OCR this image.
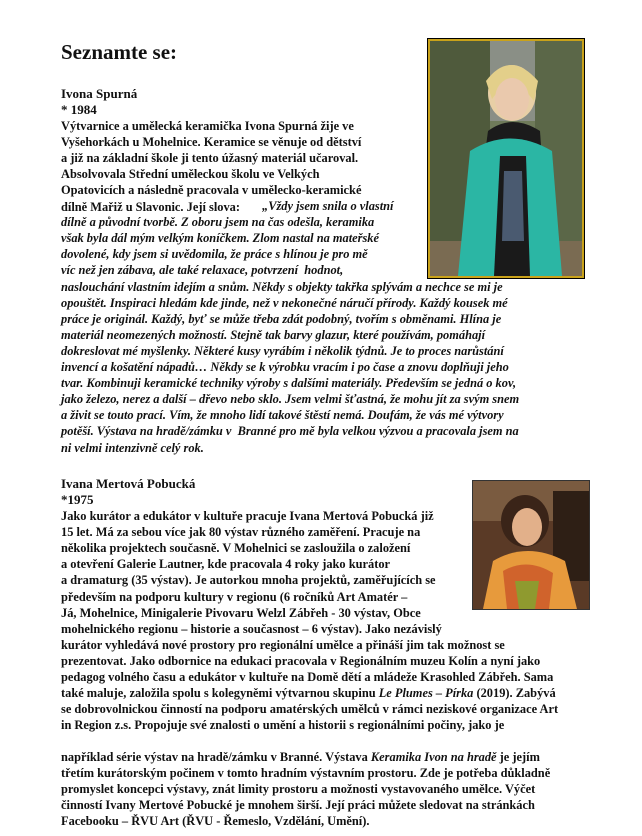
Seznamte se:
Ivona Spurná
* 1984
Výtvarnice a umělecká keramička Ivona Spurná žije ve
Vyšehorkách u Mohelnice. Keramice se věnuje od dětství
a již na základní škole ji tento úžasný materiál učaroval.
Absolvovala Střední uměleckou školu ve Velkých
Opatovicích a následně pracovala v umělecko-keramické
dílně Mařiž u Slavonic. Její slova: „Vždy jsem snila o vlastní
dílně a původní tvorbě. Z oboru jsem na čas odešla, keramika
však byla dál mým velkým koníčkem. Zlom nastal na mateřské
dovolené, kdy jsem si uvědomila, že práce s hlínou je pro mě
víc než jen zábava, ale také relaxace, potvrzení  hodnot,
naslouchání vlastním idejím a snům. Někdy s objekty takřka splývám a nechce se mi je
opouštět. Inspiraci hledám kde jinde, než v nekonečné náručí přírody. Každý kousek mé
práce je originál. Každý, byť se může třeba zdát podobný, tvořím s obměnami. Hlína je
materiál neomezených možností. Stejně tak barvy glazur, které používám, pomáhají
dokreslovat mé myšlenky. Některé kusy vyrábím i několik týdnů. Je to proces narůstání
invencí a košatění nápadů… Někdy se k výrobku vracím i po čase a znovu doplňuji jeho
tvar. Kombinuji keramické techniky výroby s dalšími materiály. Především se jedná o kov,
jako železo, nerez a další – dřevo nebo sklo. Jsem velmi šťastná, že mohu jít za svým snem
a živit se touto prací. Vím, že mnoho lidí takové štěstí nemá. Doufám, že vás mé výtvory
potěší. Výstava na hradě/zámku v  Branné pro mě byla velkou výzvou a pracovala jsem na
ni velmi intenzivně celý rok.
Ivana Mertová Pobucká
*1975
Jako kurátor a edukátor v kultuře pracuje Ivana Mertová Pobucká již
15 let. Má za sebou více jak 80 výstav různého zaměření. Pracuje na
několika projektech současně. V Mohelnici se zasloužila o založení
a otevření Galerie Lautner, kde pracovala 4 roky jako kurátor
a dramaturg (35 výstav). Je autorkou mnoha projektů, zaměřujících se
především na podporu kultury v regionu (6 ročníků Art Amatér –
Já, Mohelnice, Minigalerie Pivovaru Welzl Zábřeh - 30 výstav, Obce
mohelnického regionu – historie a současnost – 6 výstav). Jako nezávislý
kurátor vyhledává nové prostory pro regionální umělce a přináší jim tak možnost se
prezentovat. Jako odbornice na edukaci pracovala v Regionálním muzeu Kolín a nyní jako
pedagog volného času a edukátor v kultuře na Domě dětí a mládeže Krasohled Zábřeh. Sama
také maluje, založila spolu s kolegyněmi výtvarnou skupinu Le Plumes – Pírka (2019). Zabývá
se dobrovolnickou činností na podporu amatérských umělců v rámci neziskové organizace Art
in Region z.s. Propojuje své znalosti o umění a historii s regionálními počiny, jako je
například série výstav na hradě/zámku v Branné. Výstava Keramika Ivon na hradě je jejím
třetím kurátorským počinem v tomto hradním výstavním prostoru. Zde je potřeba důkladně
promyslet koncepci výstavy, znát limity prostoru a možnosti vystavovaného umělce. Výčet
činností Ivany Mertové Pobucké je mnohem širší. Její práci můžete sledovat na stránkách
Facebooku – ŘVU Art (ŘVU - Řemeslo, Vzdělání, Umění).
